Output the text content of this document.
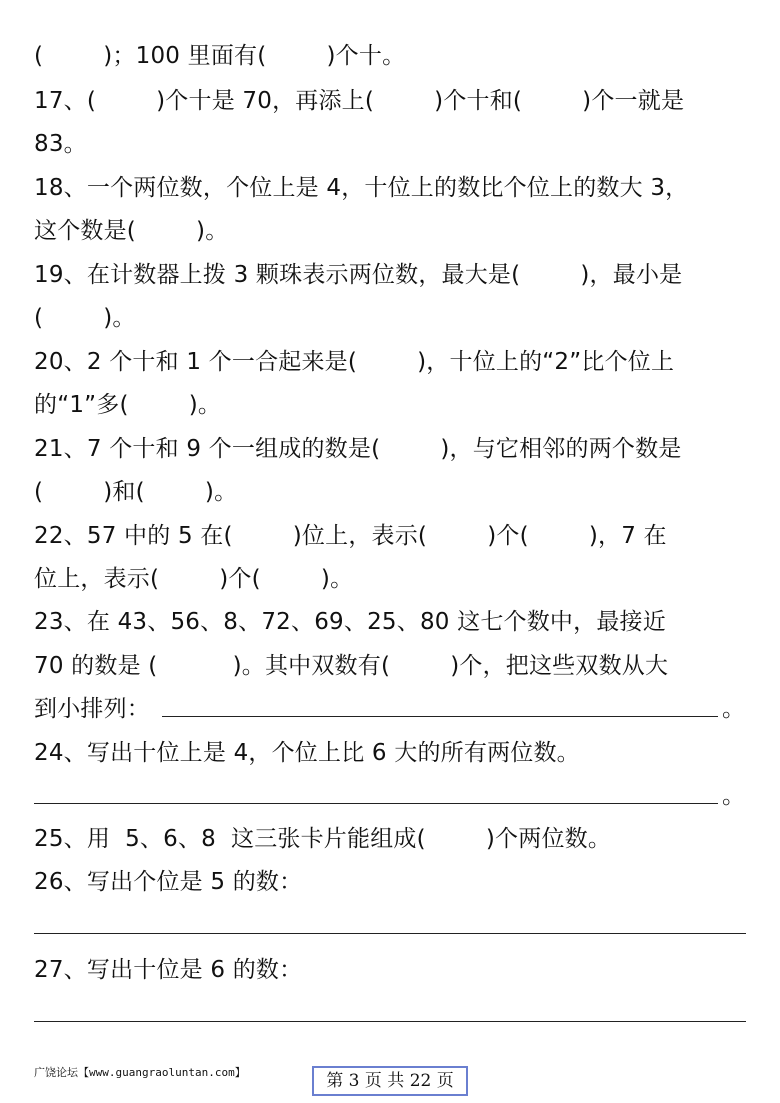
(        )；100 里面有(        )个十。
17、(        )个十是 70，再添上(        )个十和(        )个一就是
83。
18、一个两位数，个位上是 4，十位上的数比个位上的数大 3，
这个数是(        )。
19、在计数器上拨 3 颗珠表示两位数，最大是(        )，最小是
(        )。
20、2 个十和 1 个一合起来是(        )，十位上的“2”比个位上
的“1”多(        )。
21、7 个十和 9 个一组成的数是(        )，与它相邻的两个数是
(        )和(        )。
22、57 中的 5 在(        )位上，表示(        )个(        )，7 在
位上，表示(        )个(        )。
23、在 43、56、8、72、69、25、80 这七个数中，最接近
70 的数是 (          )。其中双数有(        )个，把这些双数从大
到小排列：	。
24、写出十位上是 4，个位上比 6 大的所有两位数。
。
25、用  5、6、8  这三张卡片能组成(        )个两位数。
26、写出个位是 5 的数：
27、写出十位是 6 的数：
广饶论坛【www.guangraoluntan.com】	第 3 页 共 22 页
